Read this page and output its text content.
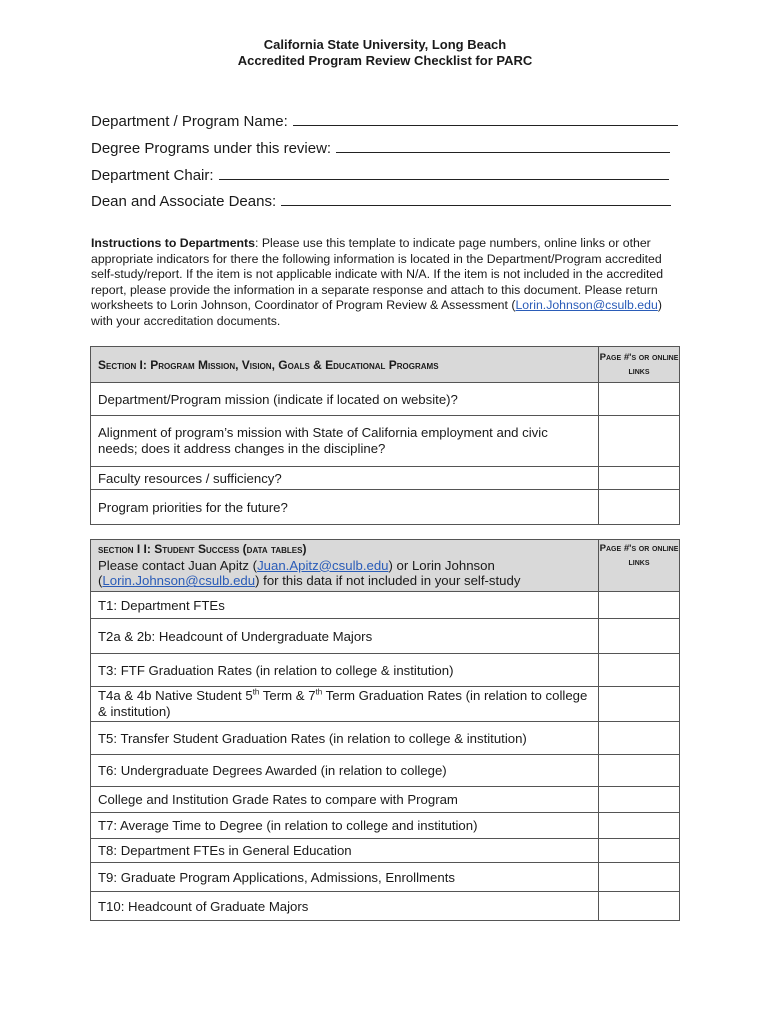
California State University, Long Beach
Accredited Program Review Checklist for PARC
Department / Program Name:
Degree Programs under this review:
Department Chair:
Dean and Associate Deans:
Instructions to Departments: Please use this template to indicate page numbers, online links or other appropriate indicators for there the following information is located in the Department/Program accredited self-study/report. If the item is not applicable indicate with N/A. If the item is not included in the accredited report, please provide the information in a separate response and attach to this document. Please return worksheets to Lorin Johnson, Coordinator of Program Review & Assessment (Lorin.Johnson@csulb.edu) with your accreditation documents.
Section I: Program Mission, Vision, Goals & Educational Programs	Page #'s or online links
Department/Program mission (indicate if located on website)?	
Alignment of program’s mission with State of California employment and civic needs; does it address changes in the discipline?	
Faculty resources / sufficiency?	
Program priorities for the future?	
section I I: Student Success (data tables)
Please contact Juan Apitz (Juan.Apitz@csulb.edu) or Lorin Johnson (Lorin.Johnson@csulb.edu) for this data if not included in your self-study	Page #'s or online links
T1: Department FTEs	
T2a & 2b: Headcount of Undergraduate Majors	
T3: FTF Graduation Rates (in relation to college & institution)	
T4a & 4b Native Student 5th Term & 7th Term Graduation Rates (in relation to college & institution)	
T5: Transfer Student Graduation Rates (in relation to college & institution)	
T6: Undergraduate Degrees Awarded (in relation to college)	
College and Institution Grade Rates to compare with Program	
T7: Average Time to Degree (in relation to college and institution)	
T8: Department FTEs in General Education	
T9: Graduate Program Applications, Admissions, Enrollments	
T10: Headcount of Graduate Majors	
